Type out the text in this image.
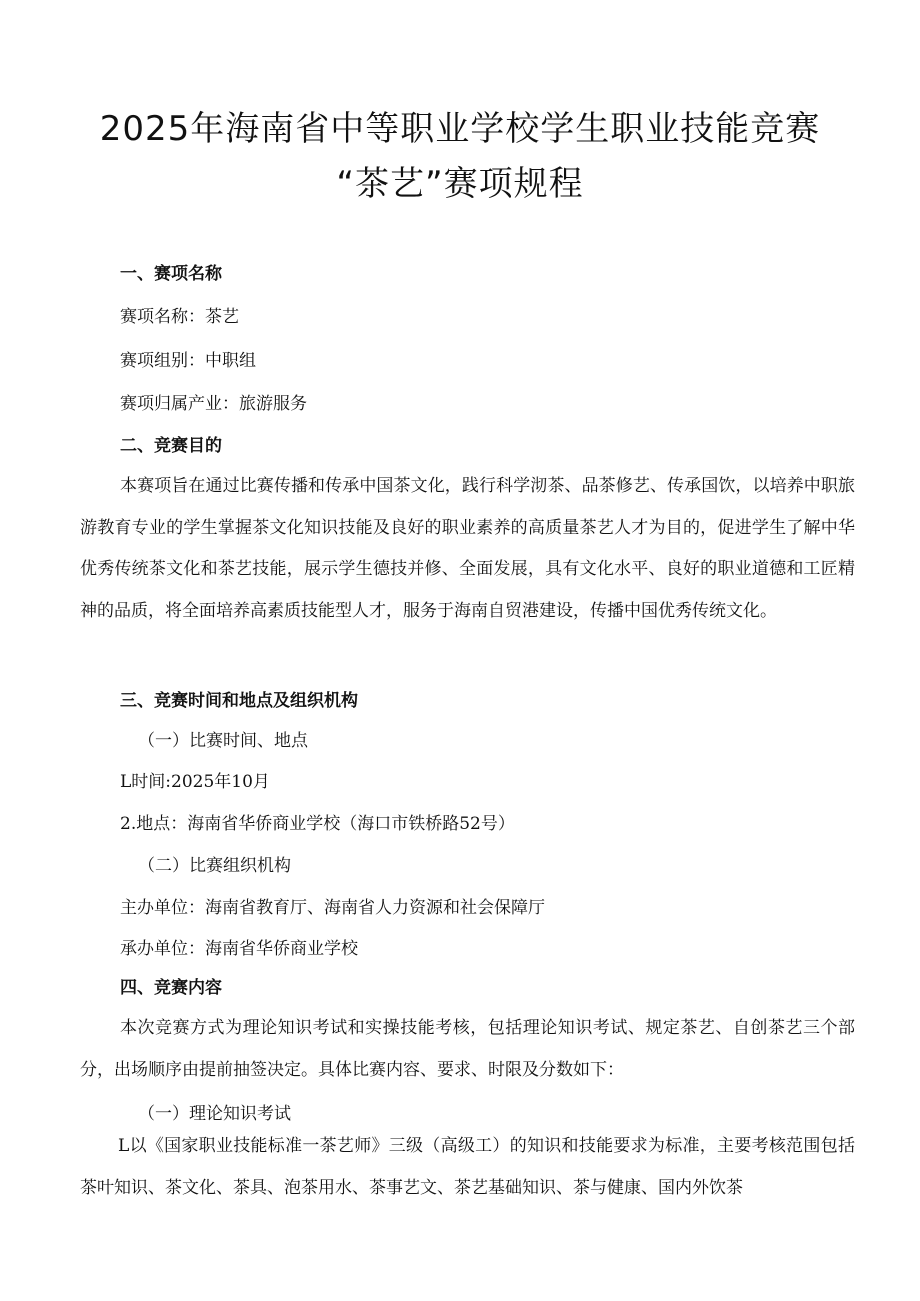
2025年海南省中等职业学校学生职业技能竞赛
“茶艺”赛项规程
一、赛项名称
赛项名称：茶艺
赛项组别：中职组
赛项归属产业：旅游服务
二、竞赛目的
本赛项旨在通过比赛传播和传承中国茶文化，践行科学沏茶、品茶修艺、传承国饮，以培养中职旅游教育专业的学生掌握茶文化知识技能及良好的职业素养的高质量茶艺人才为目的，促进学生了解中华优秀传统茶文化和茶艺技能，展示学生德技并修、全面发展，具有文化水平、良好的职业道德和工匠精神的品质，将全面培养高素质技能型人才，服务于海南自贸港建设，传播中国优秀传统文化。
三、竞赛时间和地点及组织机构
（一）比赛时间、地点
L时间:2025年10月
2.地点：海南省华侨商业学校（海口市铁桥路52号）
（二）比赛组织机构
主办单位：海南省教育厅、海南省人力资源和社会保障厅
承办单位：海南省华侨商业学校
四、竞赛内容
本次竞赛方式为理论知识考试和实操技能考核，包括理论知识考试、规定茶艺、自创茶艺三个部分，出场顺序由提前抽签决定。具体比赛内容、要求、时限及分数如下：
（一）理论知识考试
L以《国家职业技能标准一茶艺师》三级（高级工）的知识和技能要求为标准，主要考核范围包括茶叶知识、茶文化、茶具、泡茶用水、茶事艺文、茶艺基础知识、茶与健康、国内外饮茶
